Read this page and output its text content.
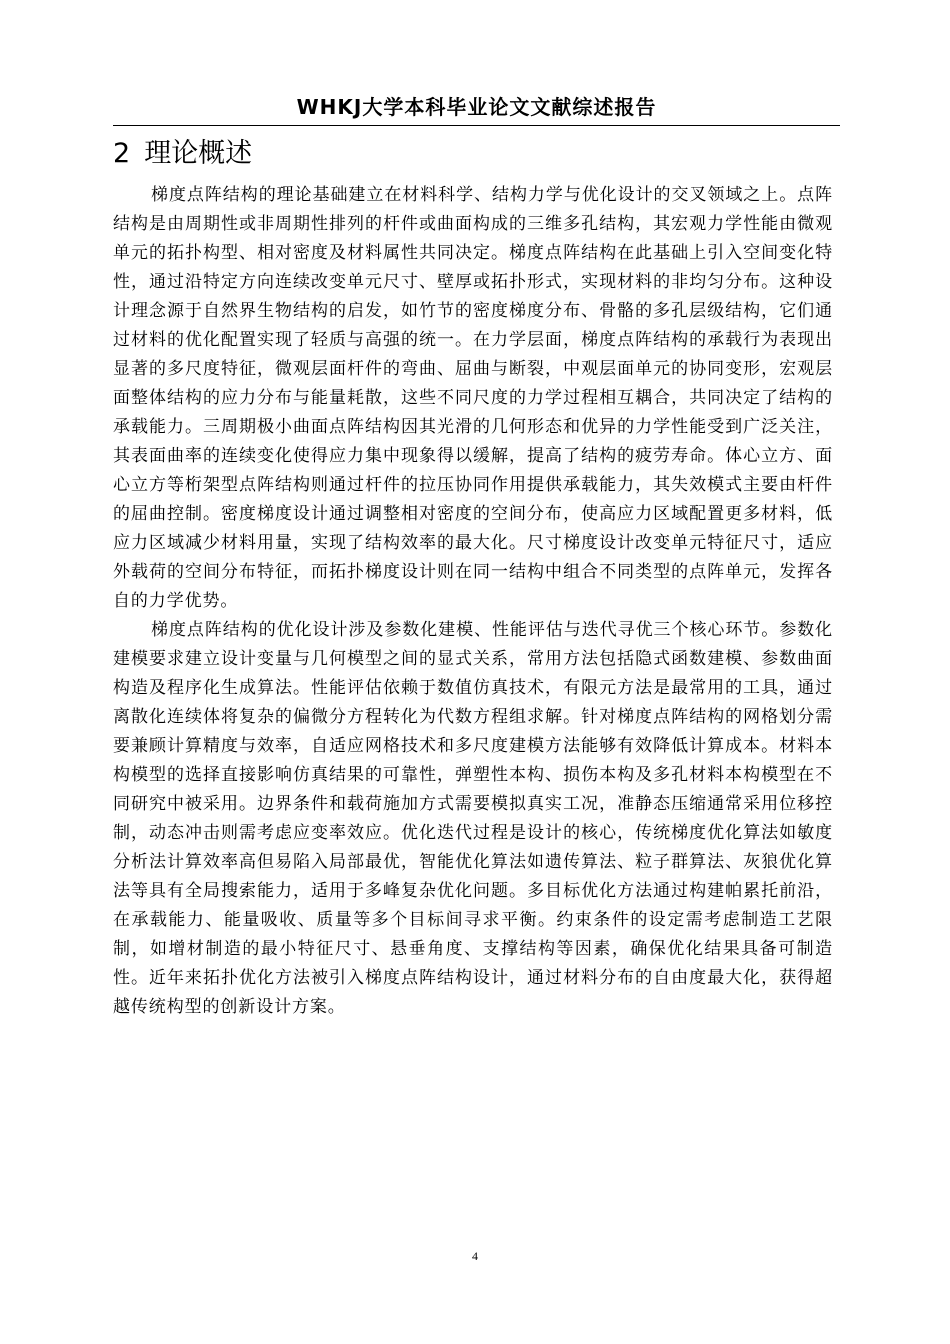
WHKJ大学本科毕业论文文献综述报告
2 理论概述

梯度点阵结构的理论基础建立在材料科学、结构力学与优化设计的交叉领域之上。点阵结构是由周期性或非周期性排列的杆件或曲面构成的三维多孔结构，其宏观力学性能由微观单元的拓扑构型、相对密度及材料属性共同决定。梯度点阵结构在此基础上引入空间变化特性，通过沿特定方向连续改变单元尺寸、壁厚或拓扑形式，实现材料的非均匀分布。这种设计理念源于自然界生物结构的启发，如竹节的密度梯度分布、骨骼的多孔层级结构，它们通过材料的优化配置实现了轻质与高强的统一。在力学层面，梯度点阵结构的承载行为表现出显著的多尺度特征，微观层面杆件的弯曲、屈曲与断裂，中观层面单元的协同变形，宏观层面整体结构的应力分布与能量耗散，这些不同尺度的力学过程相互耦合，共同决定了结构的承载能力。三周期极小曲面点阵结构因其光滑的几何形态和优异的力学性能受到广泛关注，其表面曲率的连续变化使得应力集中现象得以缓解，提高了结构的疲劳寿命。体心立方、面心立方等桁架型点阵结构则通过杆件的拉压协同作用提供承载能力，其失效模式主要由杆件的屈曲控制。密度梯度设计通过调整相对密度的空间分布，使高应力区域配置更多材料，低应力区域减少材料用量，实现了结构效率的最大化。尺寸梯度设计改变单元特征尺寸，适应外载荷的空间分布特征，而拓扑梯度设计则在同一结构中组合不同类型的点阵单元，发挥各自的力学优势。

梯度点阵结构的优化设计涉及参数化建模、性能评估与迭代寻优三个核心环节。参数化建模要求建立设计变量与几何模型之间的显式关系，常用方法包括隐式函数建模、参数曲面构造及程序化生成算法。性能评估依赖于数值仿真技术，有限元方法是最常用的工具，通过离散化连续体将复杂的偏微分方程转化为代数方程组求解。针对梯度点阵结构的网格划分需要兼顾计算精度与效率，自适应网格技术和多尺度建模方法能够有效降低计算成本。材料本构模型的选择直接影响仿真结果的可靠性，弹塑性本构、损伤本构及多孔材料本构模型在不同研究中被采用。边界条件和载荷施加方式需要模拟真实工况，准静态压缩通常采用位移控制，动态冲击则需考虑应变率效应。优化迭代过程是设计的核心，传统梯度优化算法如敏度分析法计算效率高但易陷入局部最优，智能优化算法如遗传算法、粒子群算法、灰狼优化算法等具有全局搜索能力，适用于多峰复杂优化问题。多目标优化方法通过构建帕累托前沿，在承载能力、能量吸收、质量等多个目标间寻求平衡。约束条件的设定需考虑制造工艺限制，如增材制造的最小特征尺寸、悬垂角度、支撑结构等因素，确保优化结果具备可制造性。近年来拓扑优化方法被引入梯度点阵结构设计，通过材料分布的自由度最大化，获得超越传统构型的创新设计方案。

4
